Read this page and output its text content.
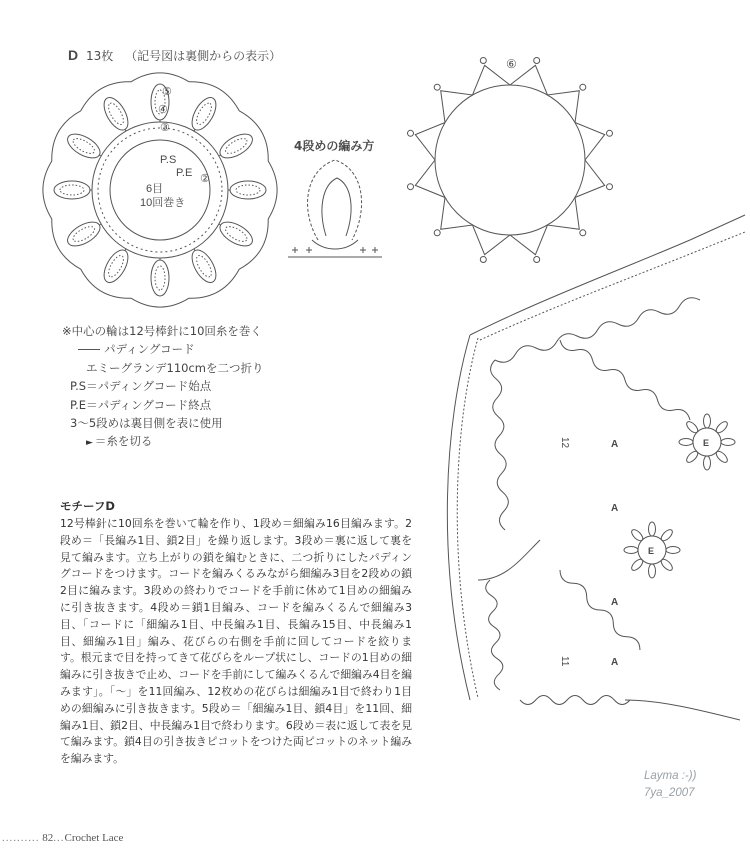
D 13枚 （記号図は裏側からの表示）
⑤
④
③
②
P.S
P.E
6目
10回巻き
⑥
A
A
A
A
E
E
12
11
4段めの編み方
※中心の輪は12号棒針に10回糸を巻く
パディングコード
エミーグランデ110cmを二つ折り
P.S＝パディングコード始点
P.E＝パディングコード終点
3〜5段めは裏目側を表に使用
► ＝糸を切る
モチーフD
12号棒針に10回糸を巻いて輪を作り、1段め＝細編み16目編みます。2段め＝「長編み1目、鎖2目」を繰り返します。3段め＝裏に返して裏を見て編みます。立ち上がりの鎖を編むときに、二つ折りにしたパディングコードをつけます。コードを編みくるみながら細編み3目を2段めの鎖2目に編みます。3段めの終わりでコードを手前に休めて1目めの細編みに引き抜きます。4段め＝鎖1目編み、コードを編みくるんで細編み3目、「コードに「細編み1目、中長編み1目、長編み15目、中長編み1目、細編み1目」編み、花びらの右側を手前に回してコードを絞ります。根元まで目を持ってきて花びらをループ状にし、コードの1目めの細編みに引き抜きで止め、コードを手前にして編みくるんで細編み4目を編みます」。「〜」を11回編み、12枚めの花びらは細編み1目で終わり1目めの細編みに引き抜きます。5段め＝「細編み1目、鎖4目」を11回、細編み1目、鎖2目、中長編み1目で終わります。6段め＝表に返して表を見て編みます。鎖4目の引き抜きピコットをつけた両ピコットのネット編みを編みます。
Layma :-))
7ya_2007
.......... 82...Crochet Lace
